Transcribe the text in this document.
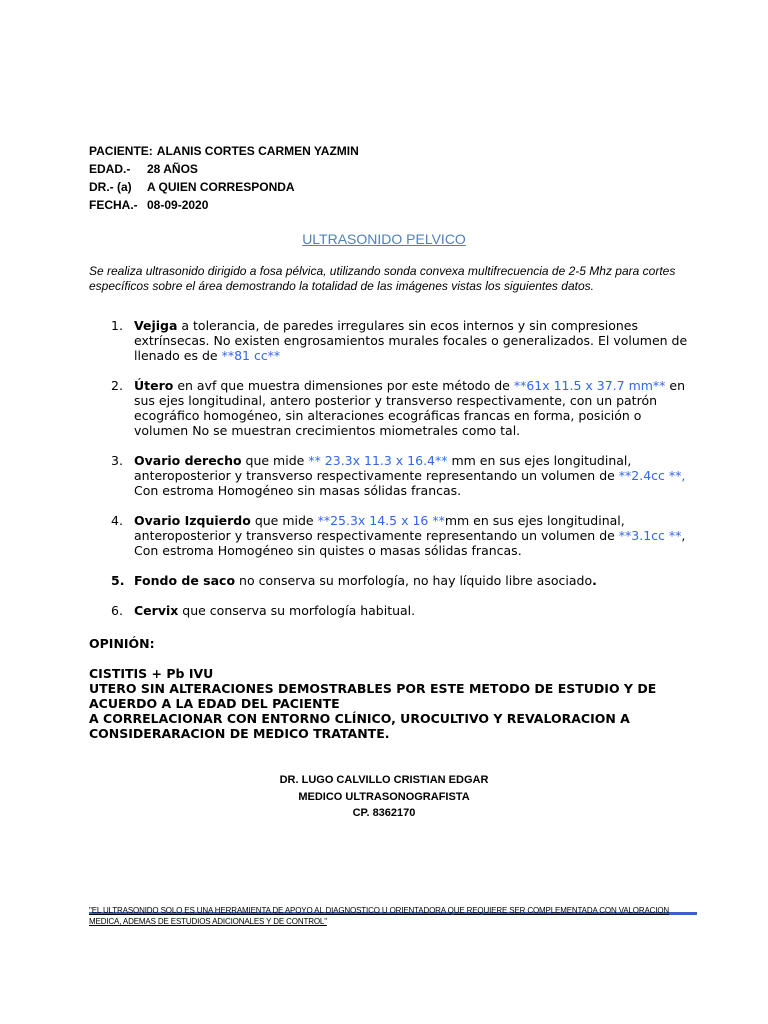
PACIENTE: ALANIS CORTES CARMEN YAZMIN
EDAD.-	28 AÑOS
DR.- (a)	A QUIEN CORRESPONDA
FECHA.- 08-09-2020
ULTRASONIDO PELVICO
Se realiza ultrasonido dirigido a fosa pélvica, utilizando sonda convexa multifrecuencia de 2-5 Mhz para cortes específicos sobre el área demostrando la totalidad de las imágenes vistas los siguientes datos.
1. Vejiga a tolerancia, de paredes irregulares sin ecos internos y sin compresiones extrínsecas. No existen engrosamientos murales focales o generalizados. El volumen de llenado es de **81 cc**
2. Útero en avf que muestra dimensiones por este método de **61x 11.5 x 37.7 mm** en sus ejes longitudinal, antero posterior y transverso respectivamente, con un patrón ecográfico homogéneo, sin alteraciones ecográficas francas en forma, posición o volumen No se muestran crecimientos miometrales como tal.
3. Ovario derecho que mide ** 23.3x 11.3 x 16.4** mm en sus ejes longitudinal, anteroposterior y transverso respectivamente representando un volumen de **2.4cc **, Con estroma Homogéneo sin masas sólidas francas.
4. Ovario Izquierdo que mide **25.3x 14.5 x 16 **mm en sus ejes longitudinal, anteroposterior y transverso respectivamente representando un volumen de **3.1cc **, Con estroma Homogéneo sin quistes o masas sólidas francas.
5. Fondo de saco no conserva su morfología, no hay líquido libre asociado.
6. Cervix que conserva su morfología habitual.
OPINIÓN:
CISTITIS + Pb IVU
UTERO SIN ALTERACIONES DEMOSTRABLES POR ESTE METODO DE ESTUDIO Y DE ACUERDO A LA EDAD DEL PACIENTE
A CORRELACIONAR CON ENTORNO CLÍNICO, UROCULTIVO Y REVALORACION A CONSIDERARACION DE MEDICO TRATANTE.
DR. LUGO CALVILLO CRISTIAN EDGAR
MEDICO ULTRASONOGRAFISTA
CP. 8362170
"EL ULTRASONIDO SOLO ES UNA HERRAMIENTA DE APOYO AL DIAGNOSTICO U ORIENTADORA QUE REQUIERE SER COMPLEMENTADA CON VALORACION MEDICA, ADEMAS DE ESTUDIOS ADICIONALES Y DE CONTROL"
